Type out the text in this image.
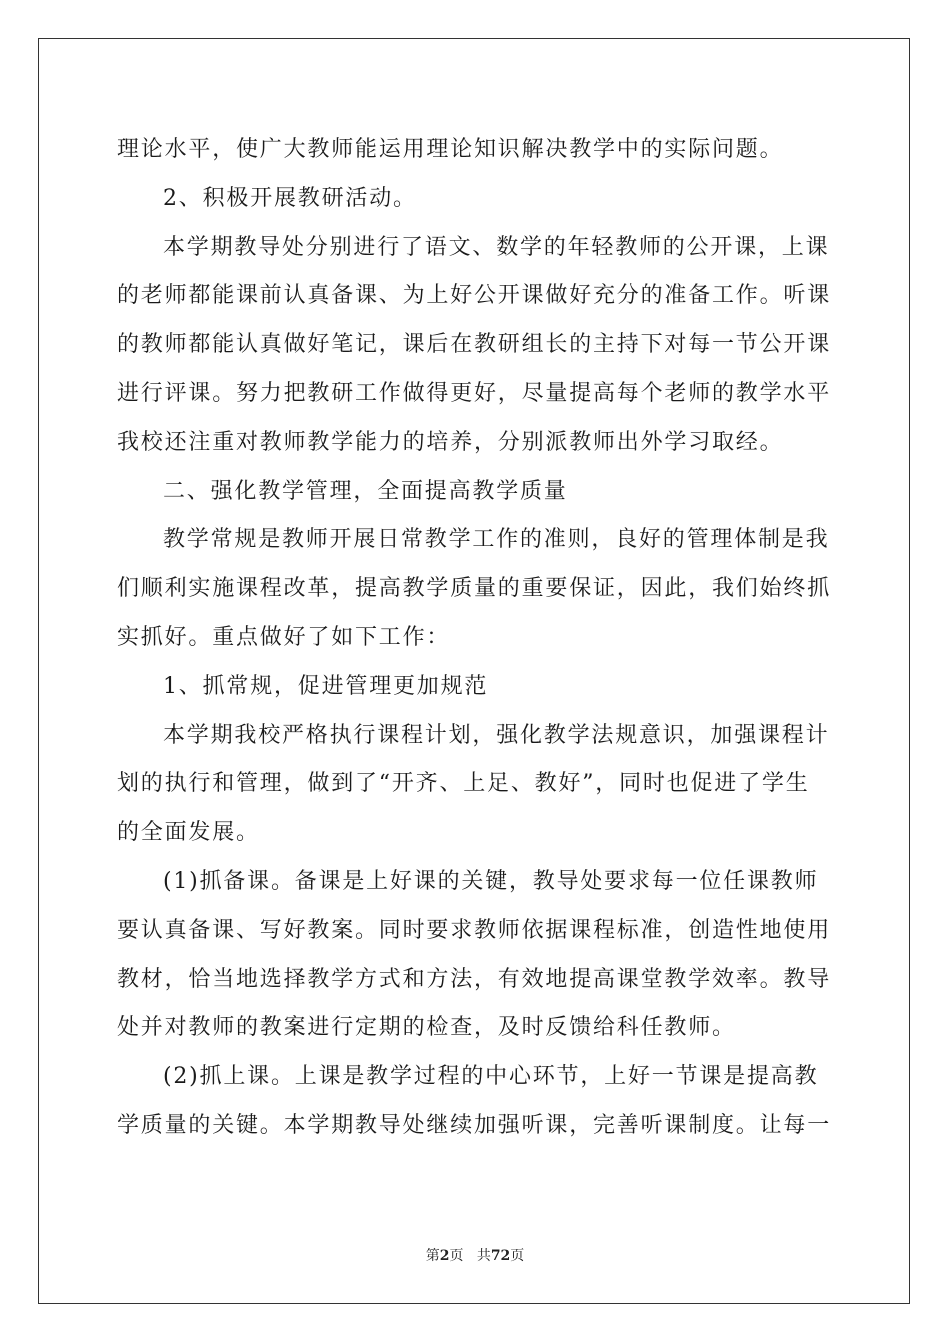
理论水平，使广大教师能运用理论知识解决教学中的实际问题。
2、积极开展教研活动。
本学期教导处分别进行了语文、数学的年轻教师的公开课，上课
的老师都能课前认真备课、为上好公开课做好充分的准备工作。听课
的教师都能认真做好笔记，课后在教研组长的主持下对每一节公开课
进行评课。努力把教研工作做得更好，尽量提高每个老师的教学水平
我校还注重对教师教学能力的培养，分别派教师出外学习取经。
二、强化教学管理，全面提高教学质量
教学常规是教师开展日常教学工作的准则，良好的管理体制是我
们顺利实施课程改革，提高教学质量的重要保证，因此，我们始终抓
实抓好。重点做好了如下工作：
1、抓常规，促进管理更加规范
本学期我校严格执行课程计划，强化教学法规意识，加强课程计
划的执行和管理，做到了“开齐、上足、教好”，同时也促进了学生
的全面发展。
(1)抓备课。备课是上好课的关键，教导处要求每一位任课教师
要认真备课、写好教案。同时要求教师依据课程标准，创造性地使用
教材，恰当地选择教学方式和方法，有效地提高课堂教学效率。教导
处并对教师的教案进行定期的检查，及时反馈给科任教师。
(2)抓上课。上课是教学过程的中心环节，上好一节课是提高教
学质量的关键。本学期教导处继续加强听课，完善听课制度。让每一
第2页 共72页
